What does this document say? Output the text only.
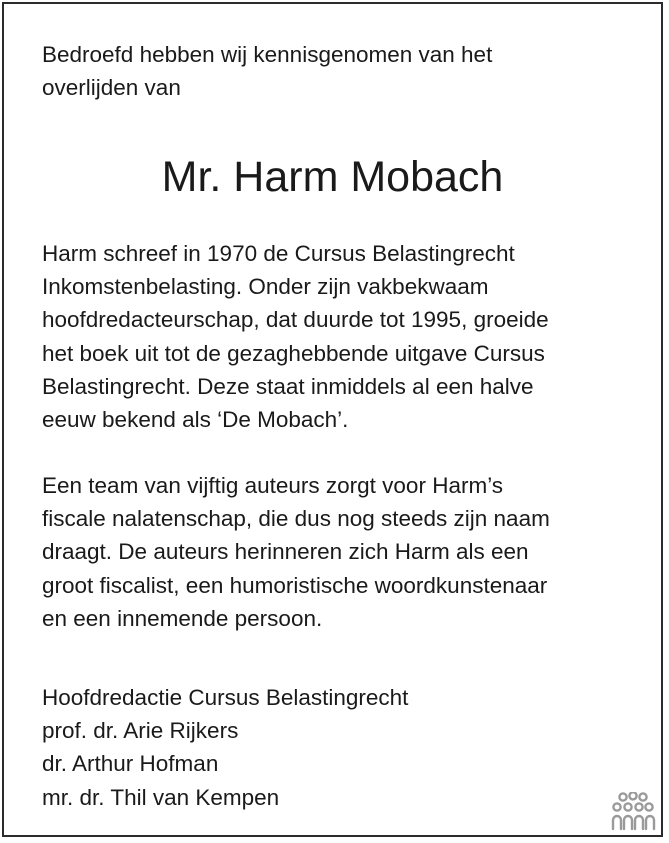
Bedroefd hebben wij kennisgenomen van het
overlijden van

Mr. Harm Mobach

Harm schreef in 1970 de Cursus Belastingrecht
Inkomstenbelasting. Onder zijn vakbekwaam
hoofdredacteurschap, dat duurde tot 1995, groeide
het boek uit tot de gezaghebbende uitgave Cursus
Belastingrecht. Deze staat inmiddels al een halve
eeuw bekend als ‘De Mobach’.

Een team van vijftig auteurs zorgt voor Harm’s
fiscale nalatenschap, die dus nog steeds zijn naam
draagt. De auteurs herinneren zich Harm als een
groot fiscalist, een humoristische woordkunstenaar
en een innemende persoon.

Hoofdredactie Cursus Belastingrecht
prof. dr. Arie Rijkers
dr. Arthur Hofman
mr. dr. Thil van Kempen
